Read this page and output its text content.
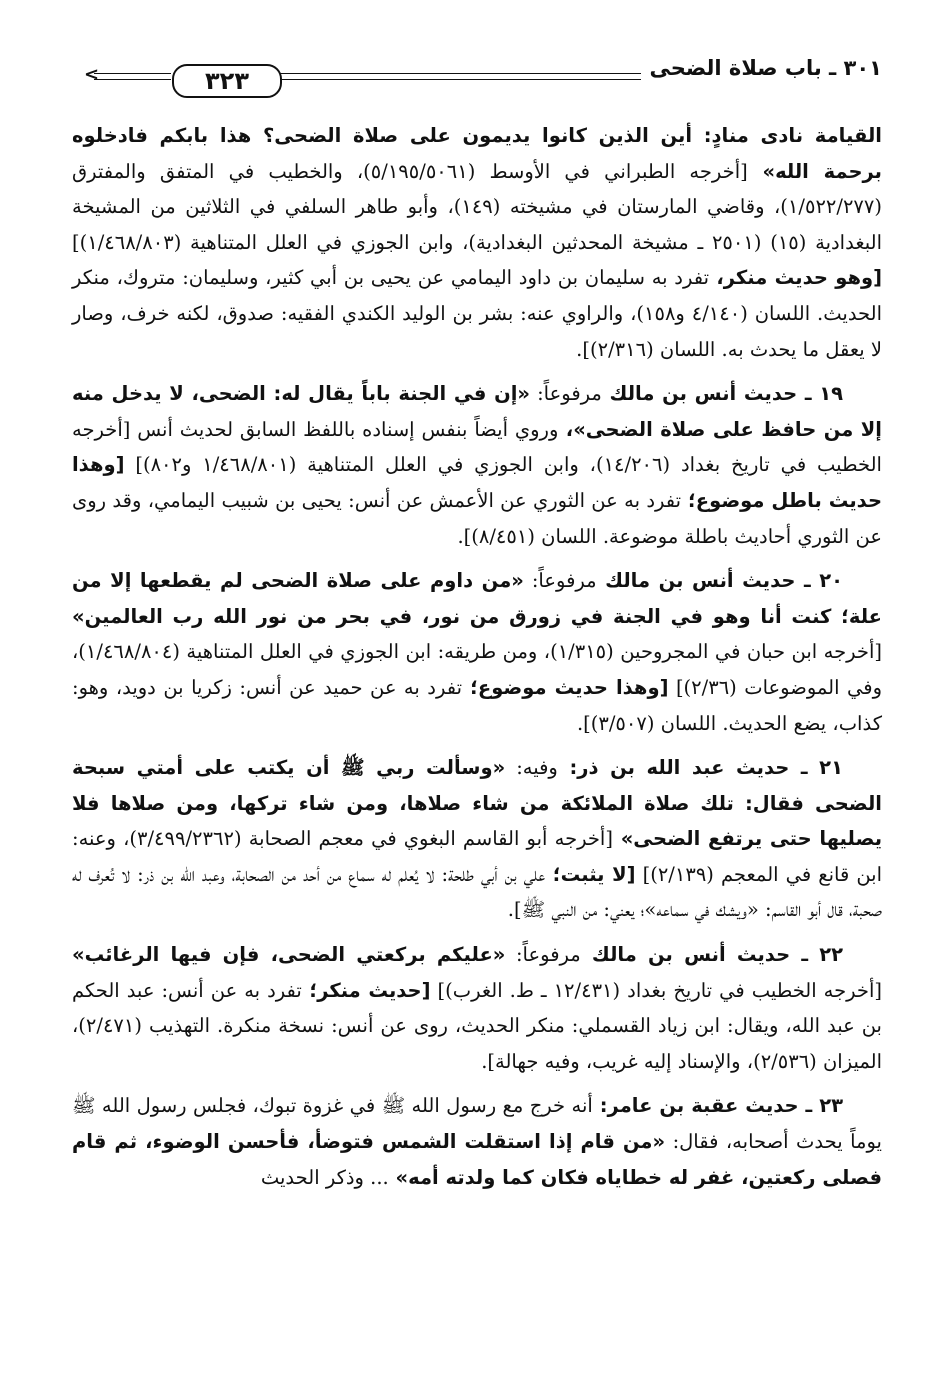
<	٣٢٣	٣٠١ ـ باب صلاة الضحى

القيامة نادى منادٍ: أين الذين كانوا يديمون على صلاة الضحى؟ هذا بابكم فادخلوه برحمة الله» [أخرجه الطبراني في الأوسط (٥/١٩٥/٥٠٦١)، والخطيب في المتفق والمفترق (١/٥٢٢/٢٧٧)، وقاضي المارستان في مشيخته (١٤٩)، وأبو طاهر السلفي في الثلاثين من المشيخة البغدادية (١٥) (٢٥٠١ ـ مشيخة المحدثين البغدادية)، وابن الجوزي في العلل المتناهية (١/٤٦٨/٨٠٣)] [وهو حديث منكر، تفرد به سليمان بن داود اليمامي عن يحيى بن أبي كثير، وسليمان: متروك، منكر الحديث. اللسان (٤/١٤٠ و١٥٨)، والراوي عنه: بشر بن الوليد الكندي الفقيه: صدوق، لكنه خرف، وصار لا يعقل ما يحدث به. اللسان (٢/٣١٦)].

١٩ ـ حديث أنس بن مالك مرفوعاً: «إن في الجنة باباً يقال له: الضحى، لا يدخل منه إلا من حافظ على صلاة الضحى»، وروي أيضاً بنفس إسناده باللفظ السابق لحديث أنس [أخرجه الخطيب في تاريخ بغداد (١٤/٢٠٦)، وابن الجوزي في العلل المتناهية (١/٤٦٨/٨٠١ و٨٠٢)] [وهذا حديث باطل موضوع؛ تفرد به عن الثوري عن الأعمش عن أنس: يحيى بن شبيب اليمامي، وقد روى عن الثوري أحاديث باطلة موضوعة. اللسان (٨/٤٥١)].

٢٠ ـ حديث أنس بن مالك مرفوعاً: «من داوم على صلاة الضحى لم يقطعها إلا من علة؛ كنت أنا وهو في الجنة في زورق من نور، في بحر من نور الله رب العالمين» [أخرجه ابن حبان في المجروحين (١/٣١٥)، ومن طريقه: ابن الجوزي في العلل المتناهية (١/٤٦٨/٨٠٤)، وفي الموضوعات (٢/٣٦)] [وهذا حديث موضوع؛ تفرد به عن حميد عن أنس: زكريا بن دويد، وهو: كذاب، يضع الحديث. اللسان (٣/٥٠٧)].

٢١ ـ حديث عبد الله بن ذر: وفيه: «وسألت ربي ﷺ أن يكتب على أمتي سبحة الضحى فقال: تلك صلاة الملائكة من شاء صلاها، ومن شاء تركها، ومن صلاها فلا يصليها حتى يرتفع الضحى» [أخرجه أبو القاسم البغوي في معجم الصحابة (٣/٤٩٩/٢٣٦٢)، وعنه: ابن قانع في المعجم (٢/١٣٩)] [لا يثبت؛ علي بن أبي طلحة: لا يُعلم له سماع من أحد من الصحابة، وعبد الله بن ذر: لا تُعرف له صحبة، قال أبو القاسم: «ويشك في سماعه»؛ يعني: من النبي ﷺ].

٢٢ ـ حديث أنس بن مالك مرفوعاً: «عليكم بركعتي الضحى، فإن فيها الرغائب» [أخرجه الخطيب في تاريخ بغداد (١٢/٤٣١ ـ ط. الغرب)] [حديث منكر؛ تفرد به عن أنس: عبد الحكم بن عبد الله، ويقال: ابن زياد القسملي: منكر الحديث، روى عن أنس: نسخة منكرة. التهذيب (٢/٤٧١)، الميزان (٢/٥٣٦)، والإسناد إليه غريب، وفيه جهالة].

٢٣ ـ حديث عقبة بن عامر: أنه خرج مع رسول الله ﷺ في غزوة تبوك، فجلس رسول الله ﷺ يوماً يحدث أصحابه، فقال: «من قام إذا استقلت الشمس فتوضأ، فأحسن الوضوء، ثم قام فصلى ركعتين، غفر له خطاياه فكان كما ولدته أمه» ... وذكر الحديث
